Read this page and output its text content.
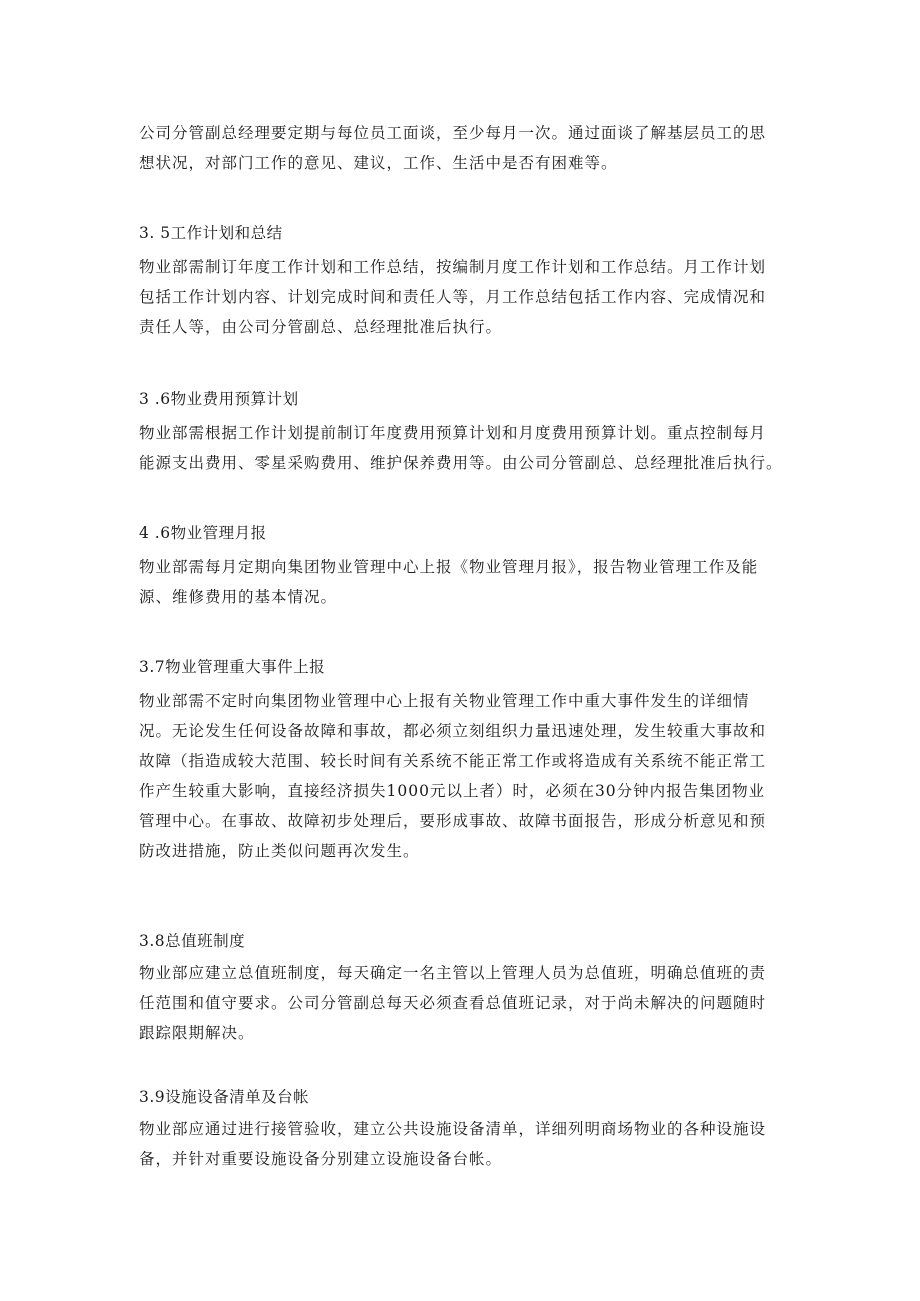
公司分管副总经理要定期与每位员工面谈，至少每月一次。通过面谈了解基层员工的思

想状况，对部门工作的意见、建议，工作、生活中是否有困难等。

3. 5工作计划和总结

物业部需制订年度工作计划和工作总结，按编制月度工作计划和工作总结。月工作计划

包括工作计划内容、计划完成时间和责任人等，月工作总结包括工作内容、完成情况和

责任人等，由公司分管副总、总经理批准后执行。

3 .6物业费用预算计划

物业部需根据工作计划提前制订年度费用预算计划和月度费用预算计划。重点控制每月

能源支出费用、零星采购费用、维护保养费用等。由公司分管副总、总经理批准后执行。

4 .6物业管理月报

物业部需每月定期向集团物业管理中心上报《物业管理月报》，报告物业管理工作及能

源、维修费用的基本情况。

3.7物业管理重大事件上报

物业部需不定时向集团物业管理中心上报有关物业管理工作中重大事件发生的详细情

况。无论发生任何设备故障和事故，都必须立刻组织力量迅速处理，发生较重大事故和

故障（指造成较大范围、较长时间有关系统不能正常工作或将造成有关系统不能正常工

作产生较重大影响，直接经济损失1000元以上者）时，必须在30分钟内报告集团物业

管理中心。在事故、故障初步处理后，要形成事故、故障书面报告，形成分析意见和预

防改进措施，防止类似问题再次发生。

3.8总值班制度

物业部应建立总值班制度，每天确定一名主管以上管理人员为总值班，明确总值班的责

任范围和值守要求。公司分管副总每天必须查看总值班记录，对于尚未解决的问题随时

跟踪限期解决。

3.9设施设备清单及台帐

物业部应通过进行接管验收，建立公共设施设备清单，详细列明商场物业的各种设施设

备，并针对重要设施设备分别建立设施设备台帐。
